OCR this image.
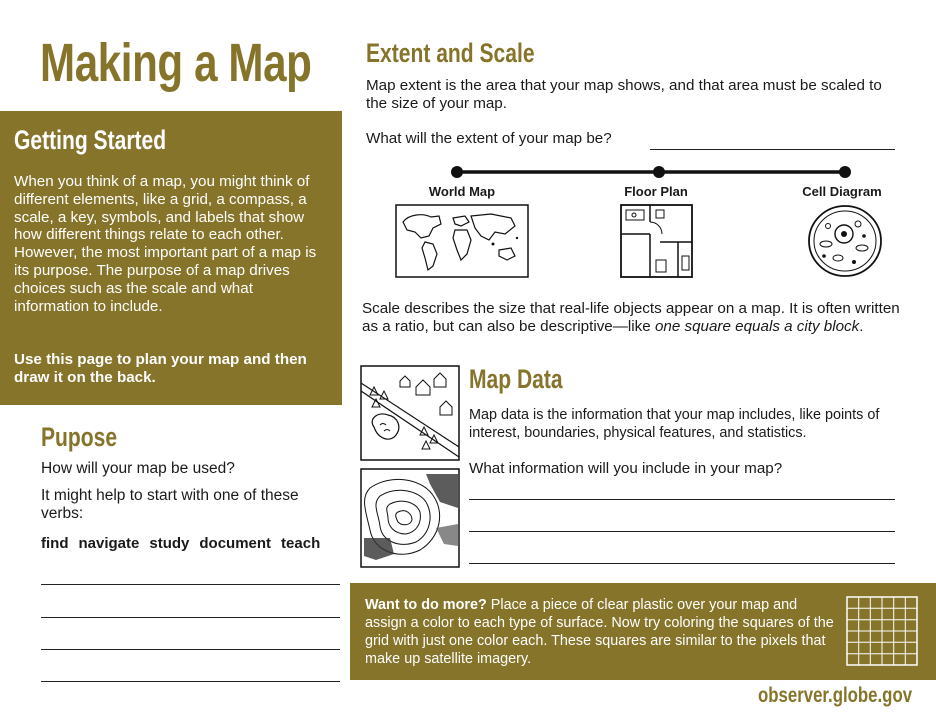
Making a Map
Getting Started
When you think of a map, you might think of different elements, like a grid, a compass, a scale, a key, symbols, and labels that show how different things relate to each other. However, the most important part of a map is its purpose. The purpose of a map drives choices such as the scale and what information to include.
Use this page to plan your map and then draw it on the back.
Pupose
How will your map be used?
It might help to start with one of these verbs:
find navigate study document teach
Extent and Scale
Map extent is the area that your map shows, and that area must be scaled to the size of your map.
What will the extent of your map be?
World Map	Floor Plan	Cell Diagram
Scale describes the size that real-life objects appear on a map. It is often written as a ratio, but can also be descriptive—like one square equals a city block.
Map Data
Map data is the information that your map includes, like points of interest, boundaries, physical features, and statistics.
What information will you include in your map?
Want to do more? Place a piece of clear plastic over your map and assign a color to each type of surface. Now try coloring the squares of the grid with just one color each. These squares are similar to the pixels that make up satellite imagery.
observer.globe.gov
